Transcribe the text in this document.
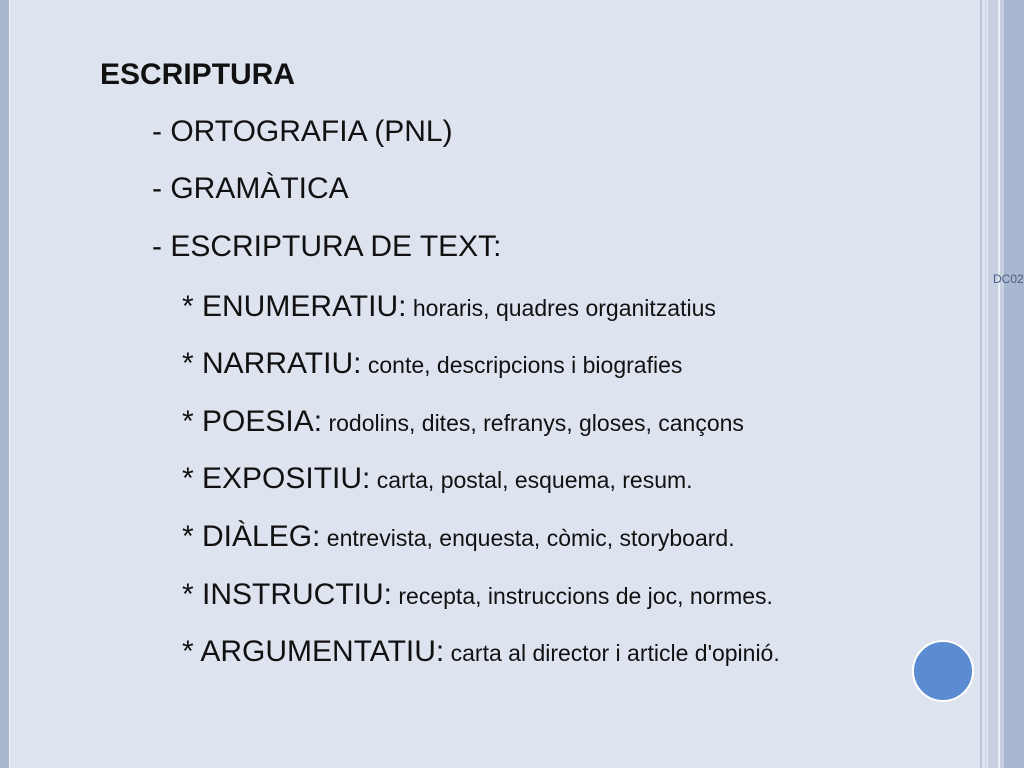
DC02
ESCRIPTURA
- ORTOGRAFIA (PNL)
- GRAMÀTICA
- ESCRIPTURA DE TEXT:
* ENUMERATIU: horaris, quadres organitzatius
* NARRATIU: conte, descripcions i biografies
* POESIA: rodolins, dites, refranys, gloses, cançons
* EXPOSITIU: carta, postal, esquema, resum.
* DIÀLEG: entrevista, enquesta, còmic, storyboard.
* INSTRUCTIU: recepta, instruccions de joc, normes.
* ARGUMENTATIU: carta al director i article d'opinió.
